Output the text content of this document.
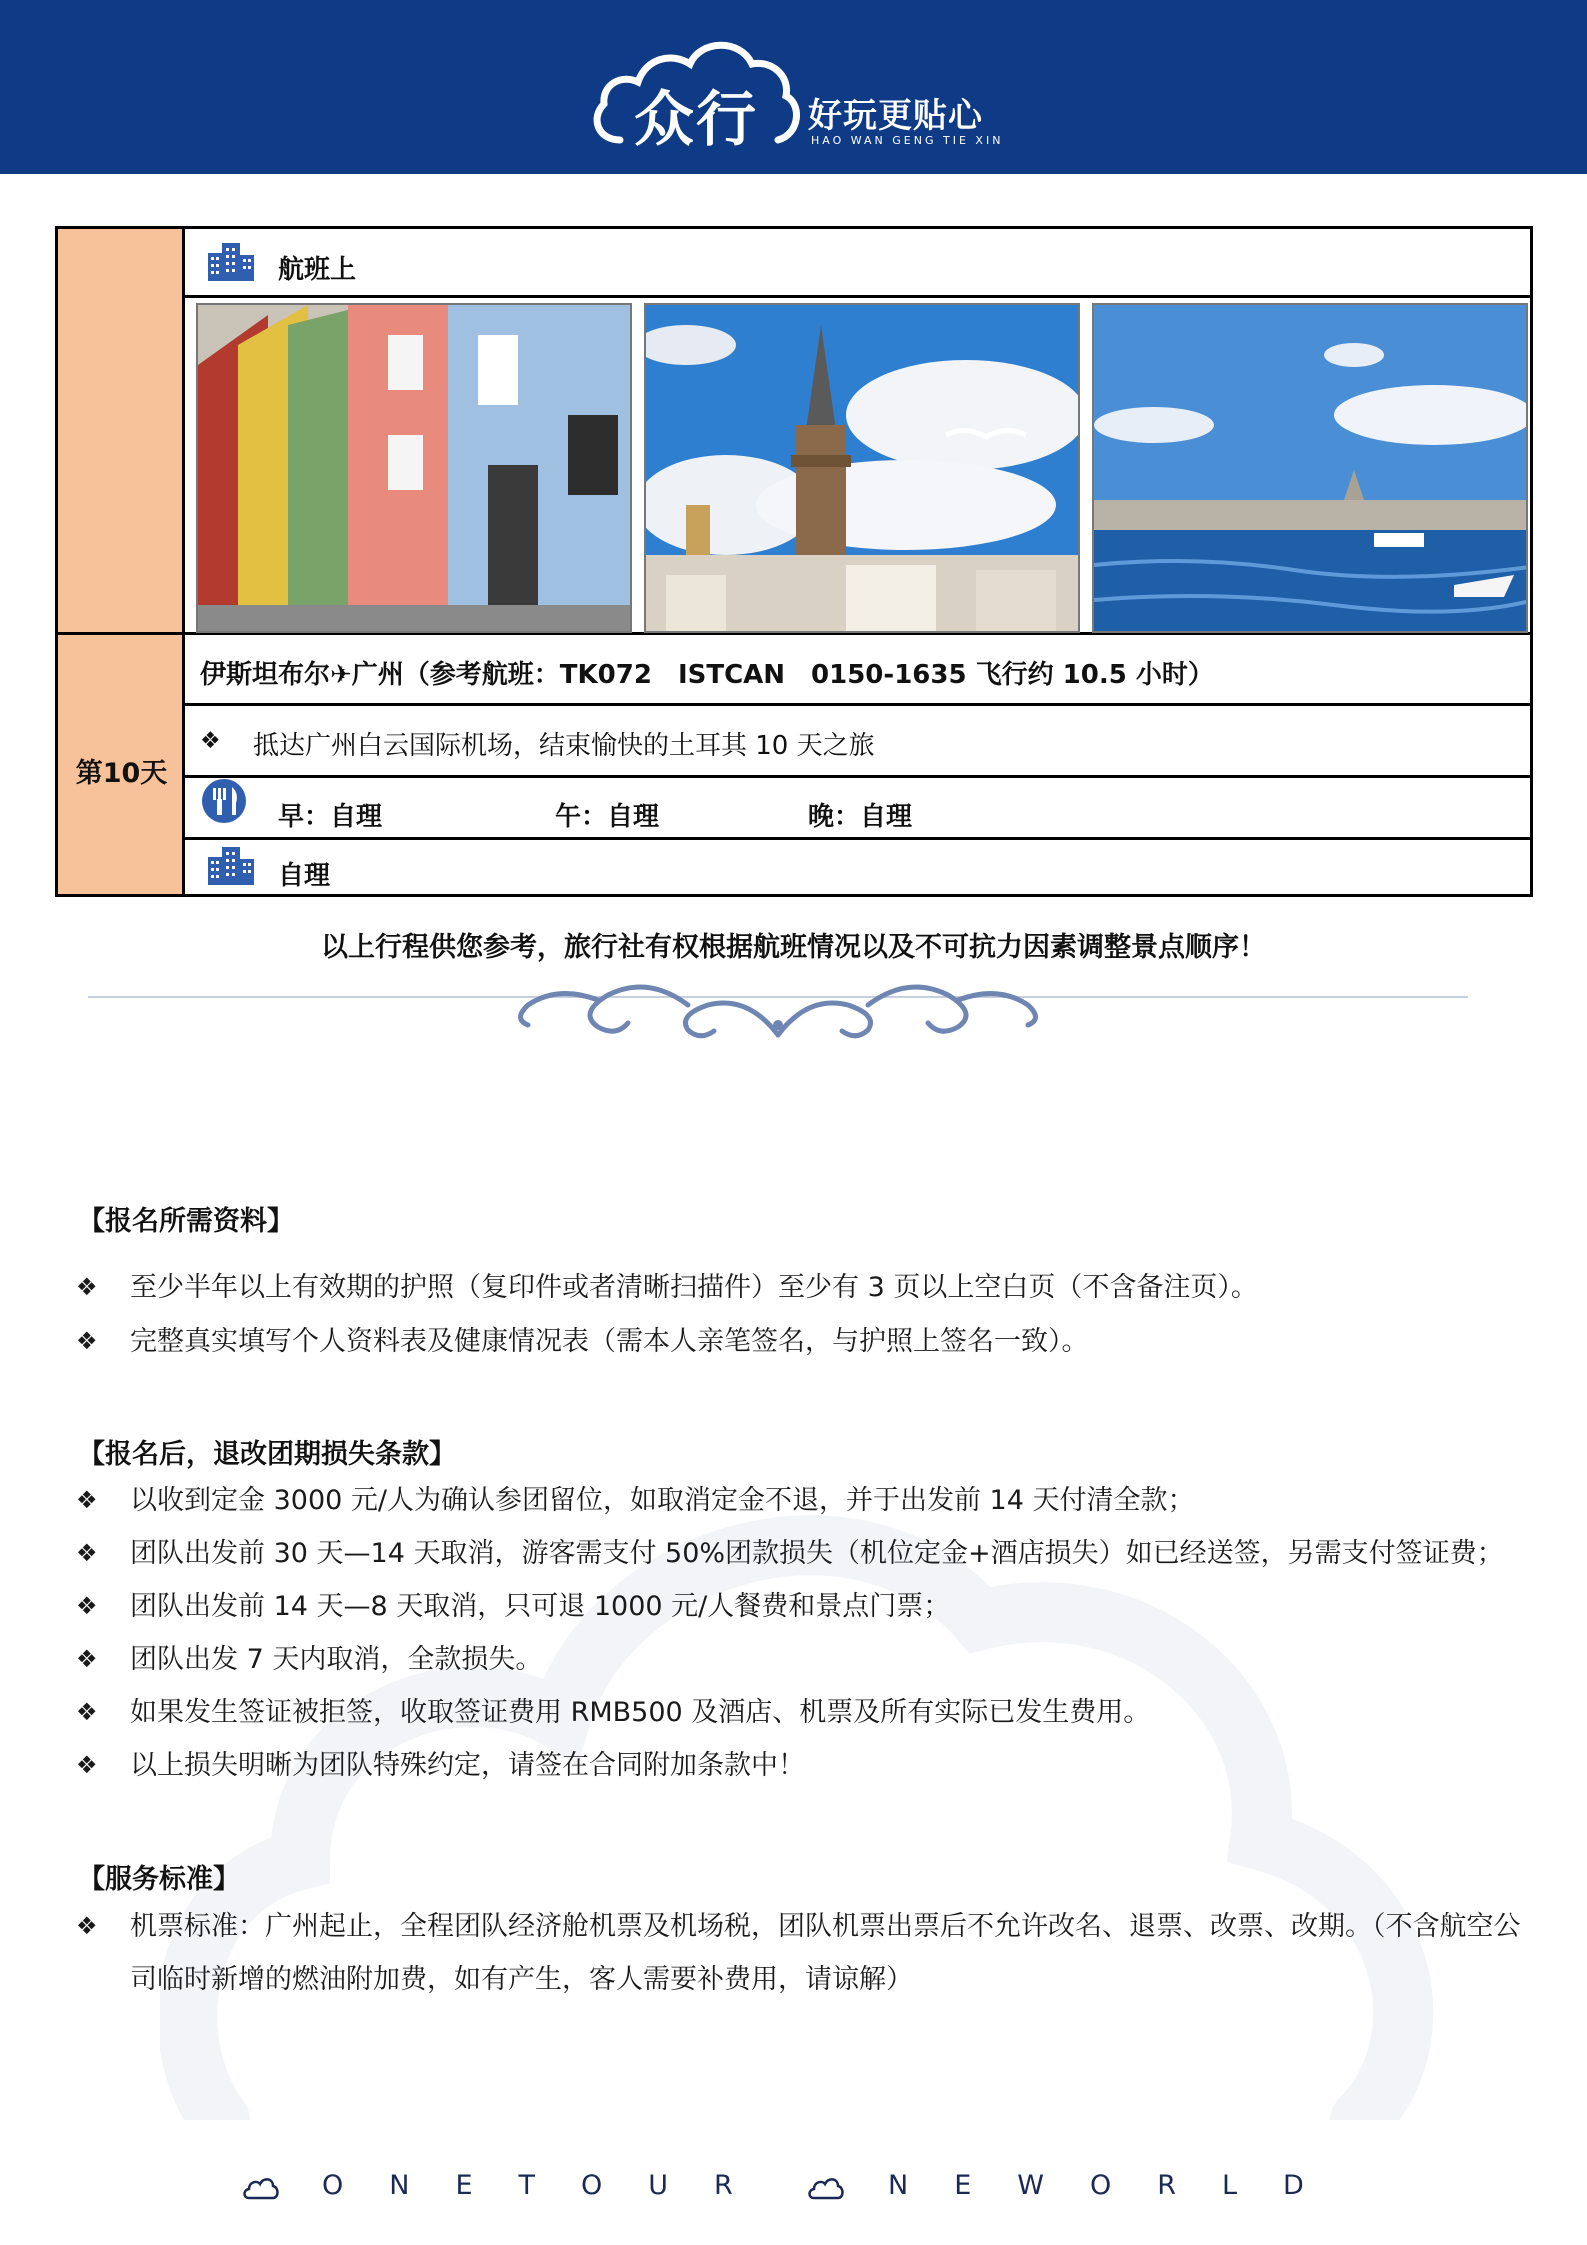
众行 好玩更贴心
HAO WAN GENG TIE XIN
第10天
航班上
伊斯坦布尔✈广州（参考航班：TK072　ISTCAN　0150-1635 飞行约 10.5 小时）
❖ 抵达广州白云国际机场，结束愉快的土耳其 10 天之旅
早：自理	午：自理	晚：自理
自理
以上行程供您参考，旅行社有权根据航班情况以及不可抗力因素调整景点顺序！
【报名所需资料】
❖	至少半年以上有效期的护照（复印件或者清晰扫描件）至少有 3 页以上空白页（不含备注页）。
❖	完整真实填写个人资料表及健康情况表（需本人亲笔签名，与护照上签名一致）。
【报名后，退改团期损失条款】
❖	以收到定金 3000 元/人为确认参团留位，如取消定金不退，并于出发前 14 天付清全款；
❖	团队出发前 30 天—14 天取消，游客需支付 50%团款损失（机位定金+酒店损失）如已经送签，另需支付签证费；
❖	团队出发前 14 天—8 天取消，只可退 1000 元/人餐费和景点门票；
❖	团队出发 7 天内取消，全款损失。
❖	如果发生签证被拒签，收取签证费用 RMB500 及酒店、机票及所有实际已发生费用。
❖	以上损失明晰为团队特殊约定，请签在合同附加条款中！
【服务标准】
❖	机票标准：广州起止，全程团队经济舱机票及机场税，团队机票出票后不允许改名、退票、改票、改期。（不含航空公司临时新增的燃油附加费，如有产生，客人需要补费用，请谅解）
ONETOUR	NEWORLD
